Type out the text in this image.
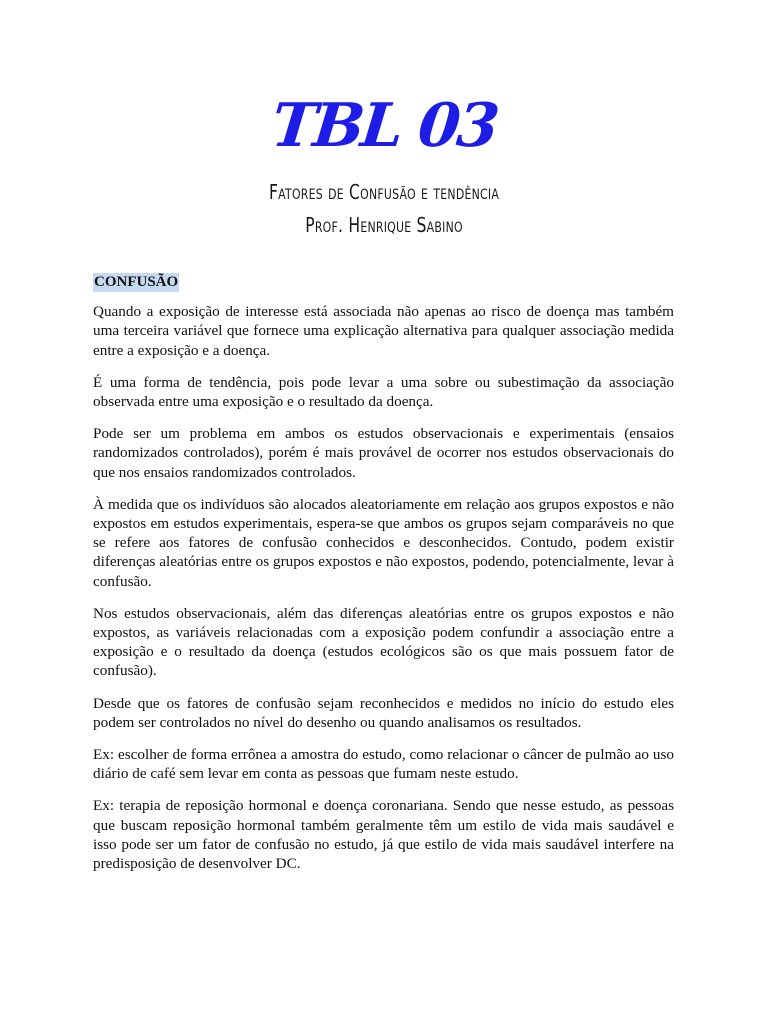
TBL 03
Fatores de Confusão e tendência
Prof. Henrique Sabino
CONFUSÃO

Quando a exposição de interesse está associada não apenas ao risco de doença mas também uma terceira variável que fornece uma explicação alternativa para qualquer associação medida entre a exposição e a doença.

É uma forma de tendência, pois pode levar a uma sobre ou subestimação da associação observada entre uma exposição e o resultado da doença.

Pode ser um problema em ambos os estudos observacionais e experimentais (ensaios randomizados controlados), porém é mais provável de ocorrer nos estudos observacionais do que nos ensaios randomizados controlados.

À medida que os indivíduos são alocados aleatoriamente em relação aos grupos expostos e não expostos em estudos experimentais, espera-se que ambos os grupos sejam comparáveis no que se refere aos fatores de confusão conhecidos e desconhecidos. Contudo, podem existir diferenças aleatórias entre os grupos expostos e não expostos, podendo, potencialmente, levar à confusão.

Nos estudos observacionais, além das diferenças aleatórias entre os grupos expostos e não expostos, as variáveis relacionadas com a exposição podem confundir a associação entre a exposição e o resultado da doença (estudos ecológicos são os que mais possuem fator de confusão).

Desde que os fatores de confusão sejam reconhecidos e medidos no início do estudo eles podem ser controlados no nível do desenho ou quando analisamos os resultados.

Ex: escolher de forma errônea a amostra do estudo, como relacionar o câncer de pulmão ao uso diário de café sem levar em conta as pessoas que fumam neste estudo.

Ex: terapia de reposição hormonal e doença coronariana. Sendo que nesse estudo, as pessoas que buscam reposição hormonal também geralmente têm um estilo de vida mais saudável e isso pode ser um fator de confusão no estudo, já que estilo de vida mais saudável interfere na predisposição de desenvolver DC.
